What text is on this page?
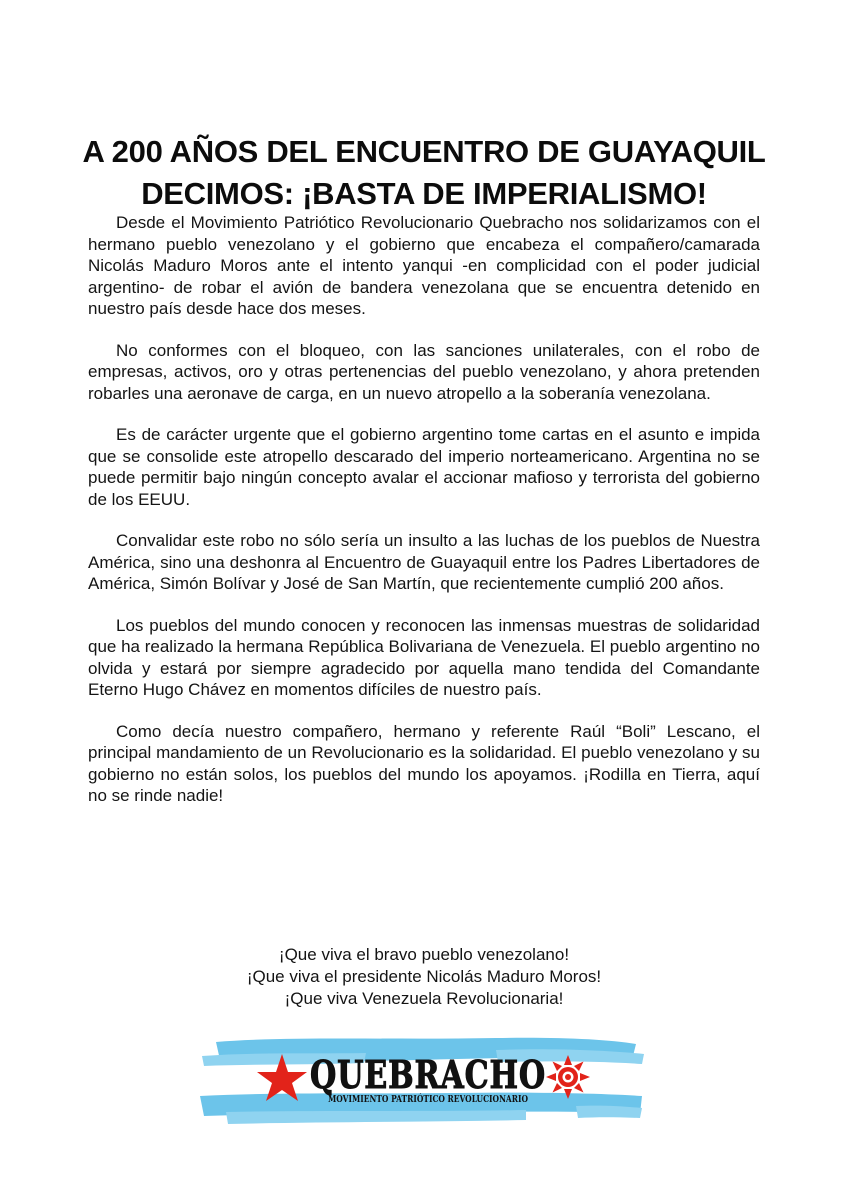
A 200 AÑOS DEL ENCUENTRO DE GUAYAQUIL
DECIMOS: ¡BASTA DE IMPERIALISMO!

Desde el Movimiento Patriótico Revolucionario Quebracho nos solidarizamos con el hermano pueblo venezolano y el gobierno que encabeza el compañero/camarada Nicolás Maduro Moros ante el intento yanqui -en complicidad con el poder judicial argentino- de robar el avión de bandera venezolana que se encuentra detenido en nuestro país desde hace dos meses.

No conformes con el bloqueo, con las sanciones unilaterales, con el robo de empresas, activos, oro y otras pertenencias del pueblo venezolano, y ahora pretenden robarles una aeronave de carga, en un nuevo atropello a la soberanía venezolana.

Es de carácter urgente que el gobierno argentino tome cartas en el asunto e impida que se consolide este atropello descarado del imperio norteamericano. Argentina no se puede permitir bajo ningún concepto avalar el accionar mafioso y terrorista del gobierno de los EEUU.

Convalidar este robo no sólo sería un insulto a las luchas de los pueblos de Nuestra América, sino una deshonra al Encuentro de Guayaquil entre los Padres Libertadores de América, Simón Bolívar y José de San Martín, que recientemente cumplió 200 años.

Los pueblos del mundo conocen y reconocen las inmensas muestras de solidaridad que ha realizado la hermana República Bolivariana de Venezuela. El pueblo argentino no olvida y estará por siempre agradecido por aquella mano tendida del Comandante Eterno Hugo Chávez en momentos difíciles de nuestro país.

Como decía nuestro compañero, hermano y referente Raúl “Boli” Lescano, el principal mandamiento de un Revolucionario es la solidaridad. El pueblo venezolano y su gobierno no están solos, los pueblos del mundo los apoyamos. ¡Rodilla en Tierra, aquí no se rinde nadie!

¡Que viva el bravo pueblo venezolano!
¡Que viva el presidente Nicolás Maduro Moros!
¡Que viva Venezuela Revolucionaria!
QUEBRACHO
MOVIMIENTO PATRIÓTICO REVOLUCIONARIO
